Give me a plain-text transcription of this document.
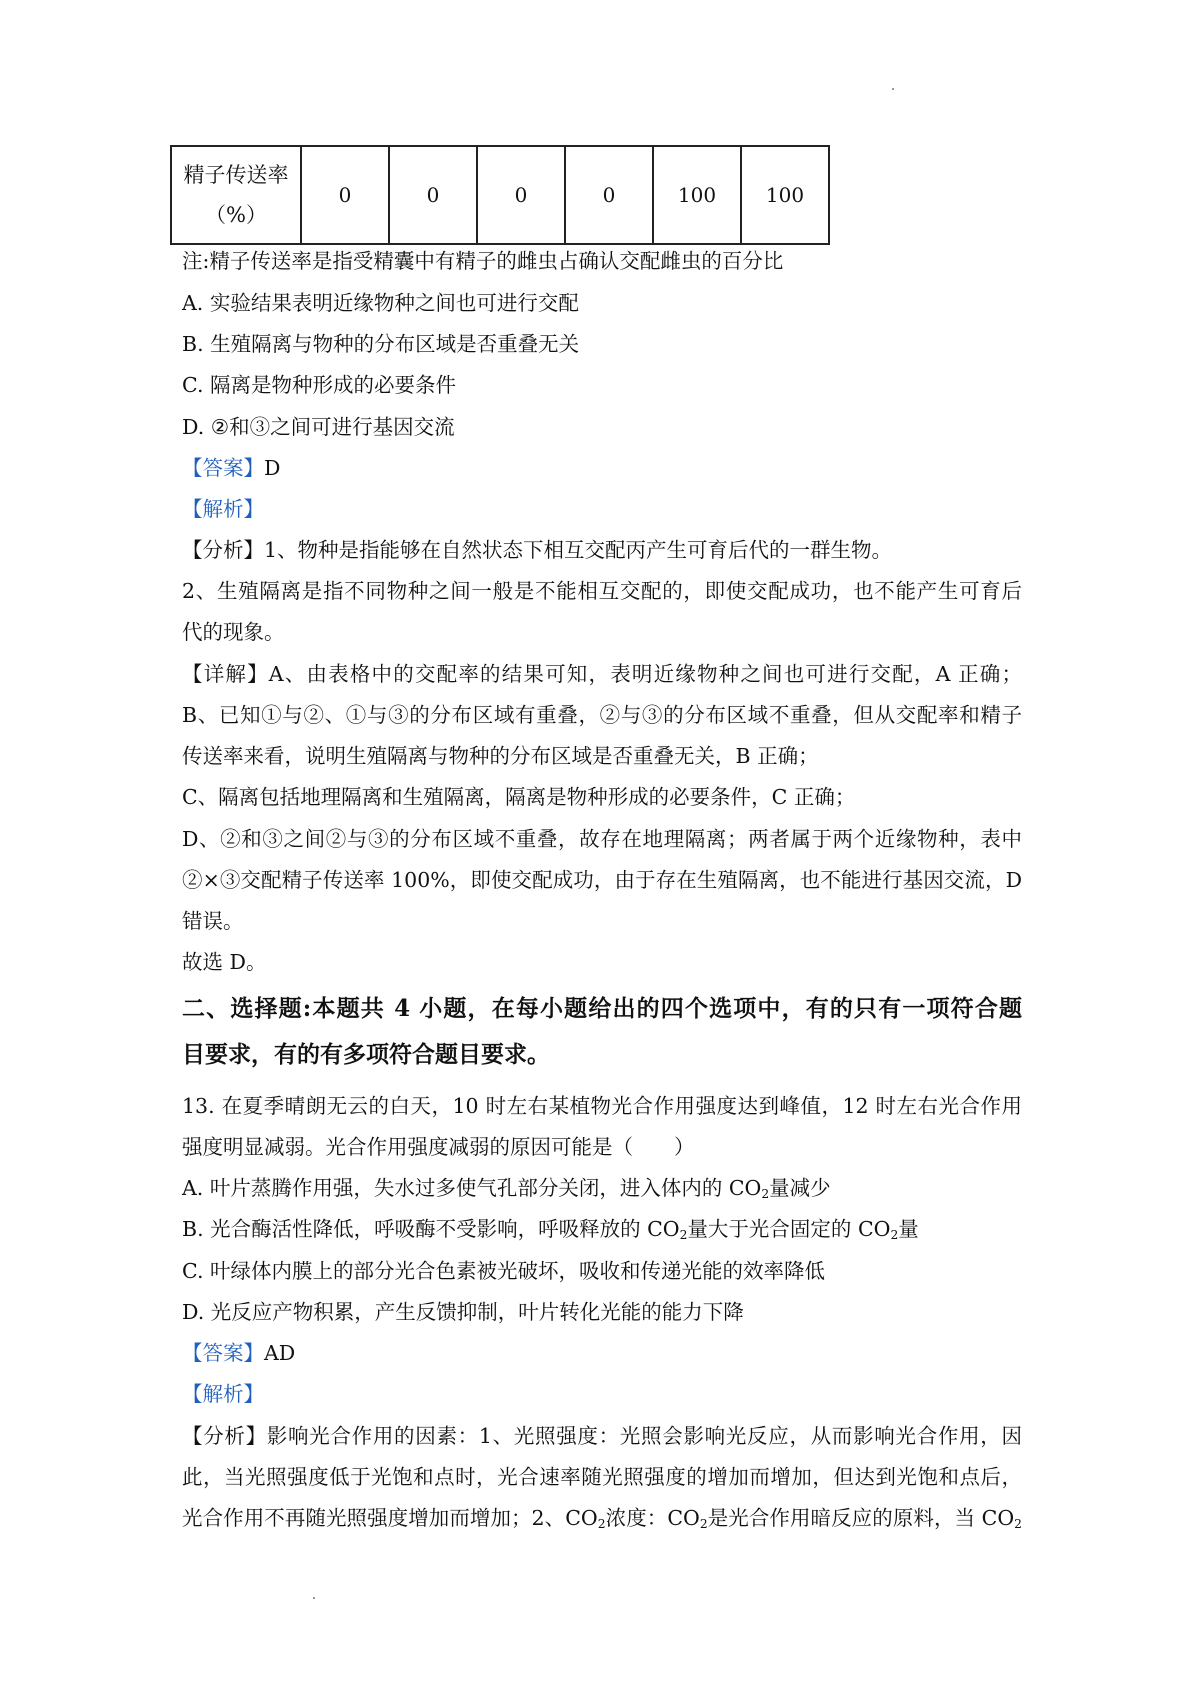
精子传送率（%）	0	0	0	0	100	100
注:精子传送率是指受精囊中有精子的雌虫占确认交配雌虫的百分比
A. 实验结果表明近缘物种之间也可进行交配
B. 生殖隔离与物种的分布区域是否重叠无关
C. 隔离是物种形成的必要条件
D. ②和③之间可进行基因交流
【答案】D
【解析】
【分析】1、物种是指能够在自然状态下相互交配丙产生可育后代的一群生物。
2、生殖隔离是指不同物种之间一般是不能相互交配的，即使交配成功，也不能产生可育后
代的现象。
【详解】A、由表格中的交配率的结果可知，表明近缘物种之间也可进行交配，A 正确；
B、已知①与②、①与③的分布区域有重叠，②与③的分布区域不重叠，但从交配率和精子
传送率来看，说明生殖隔离与物种的分布区域是否重叠无关，B 正确；
C、隔离包括地理隔离和生殖隔离，隔离是物种形成的必要条件，C 正确；
D、②和③之间②与③的分布区域不重叠，故存在地理隔离；两者属于两个近缘物种，表中
②×③交配精子传送率 100%，即使交配成功，由于存在生殖隔离，也不能进行基因交流，D
错误。
故选 D。
二、选择题:本题共 4 小题，在每小题给出的四个选项中，有的只有一项符合题
目要求，有的有多项符合题目要求。
13. 在夏季晴朗无云的白天，10 时左右某植物光合作用强度达到峰值，12 时左右光合作用
强度明显减弱。光合作用强度减弱的原因可能是（　　）
A. 叶片蒸腾作用强，失水过多使气孔部分关闭，进入体内的 $CO_2$量减少
B. 光合酶活性降低，呼吸酶不受影响，呼吸释放的 $CO_2$量大于光合固定的 $CO_2$量
C. 叶绿体内膜上的部分光合色素被光破坏，吸收和传递光能的效率降低
D. 光反应产物积累，产生反馈抑制，叶片转化光能的能力下降
【答案】AD
【解析】
【分析】影响光合作用的因素：1、光照强度：光照会影响光反应，从而影响光合作用，因
此，当光照强度低于光饱和点时，光合速率随光照强度的增加而增加，但达到光饱和点后，
光合作用不再随光照强度增加而增加；2、$CO_2$浓度：$CO_2$是光合作用暗反应的原料，当 $CO_2$
